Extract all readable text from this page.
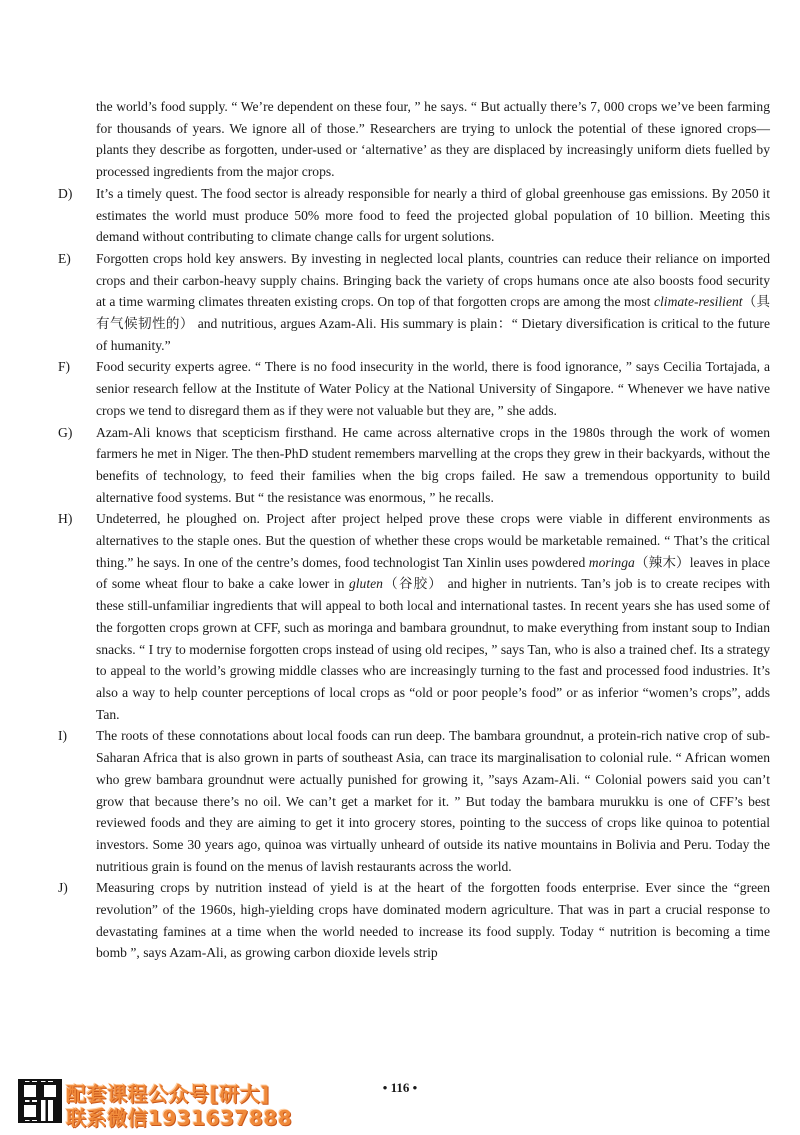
the world’s food supply. “ We’re dependent on these four, ” he says. “ But actually there’s 7, 000 crops we’ve been farming for thousands of years. We ignore all of those.” Researchers are trying to unlock the potential of these ignored crops—plants they describe as forgotten, under-used or ‘alternative’ as they are displaced by increasingly uniform diets fuelled by processed ingredients from the major crops.

D) It’s a timely quest. The food sector is already responsible for nearly a third of global greenhouse gas emissions. By 2050 it estimates the world must produce 50% more food to feed the projected global population of 10 billion. Meeting this demand without contributing to climate change calls for urgent solutions.

E) Forgotten crops hold key answers. By investing in neglected local plants, countries can reduce their reliance on imported crops and their carbon-heavy supply chains. Bringing back the variety of crops humans once ate also boosts food security at a time warming climates threaten existing crops. On top of that forgotten crops are among the most climate-resilient（具有气候韧性的） and nutritious, argues Azam-Ali. His summary is plain：“ Dietary diversification is critical to the future of humanity.”

F) Food security experts agree. “ There is no food insecurity in the world, there is food ignorance, ” says Cecilia Tortajada, a senior research fellow at the Institute of Water Policy at the National University of Singapore. “ Whenever we have native crops we tend to disregard them as if they were not valuable but they are, ” she adds.

G) Azam-Ali knows that scepticism firsthand. He came across alternative crops in the 1980s through the work of women farmers he met in Niger. The then-PhD student remembers marvelling at the crops they grew in their backyards, without the benefits of technology, to feed their families when the big crops failed. He saw a tremendous opportunity to build alternative food systems. But “ the resistance was enormous, ” he recalls.

H) Undeterred, he ploughed on. Project after project helped prove these crops were viable in different environments as alternatives to the staple ones. But the question of whether these crops would be marketable remained. “ That’s the critical thing.” he says. In one of the centre’s domes, food technologist Tan Xinlin uses powdered moringa（辣木）leaves in place of some wheat flour to bake a cake lower in gluten（谷胶） and higher in nutrients. Tan’s job is to create recipes with these still-unfamiliar ingredients that will appeal to both local and international tastes. In recent years she has used some of the forgotten crops grown at CFF, such as moringa and bambara groundnut, to make everything from instant soup to Indian snacks. “ I try to modernise forgotten crops instead of using old recipes, ” says Tan, who is also a trained chef. Its a strategy to appeal to the world’s growing middle classes who are increasingly turning to the fast and processed food industries. It’s also a way to help counter perceptions of local crops as “old or poor people’s food” or as inferior “women’s crops”, adds Tan.

I) The roots of these connotations about local foods can run deep. The bambara groundnut, a protein-rich native crop of sub-Saharan Africa that is also grown in parts of southeast Asia, can trace its marginalisation to colonial rule. “ African women who grew bambara groundnut were actually punished for growing it, ”says Azam-Ali. “ Colonial powers said you can’t grow that because there’s no oil. We can’t get a market for it. ” But today the bambara murukku is one of CFF’s best reviewed foods and they are aiming to get it into grocery stores, pointing to the success of crops like quinoa to potential investors. Some 30 years ago, quinoa was virtually unheard of outside its native mountains in Bolivia and Peru. Today the nutritious grain is found on the menus of lavish restaurants across the world.

J) Measuring crops by nutrition instead of yield is at the heart of the forgotten foods enterprise. Ever since the “green revolution” of the 1960s, high-yielding crops have dominated modern agriculture. That was in part a crucial response to devastating famines at a time when the world needed to increase its food supply. Today “ nutrition is becoming a time bomb ”, says Azam-Ali, as growing carbon dioxide levels strip

配套课程公众号[研大]
联系微信1931637888
• 116 •
